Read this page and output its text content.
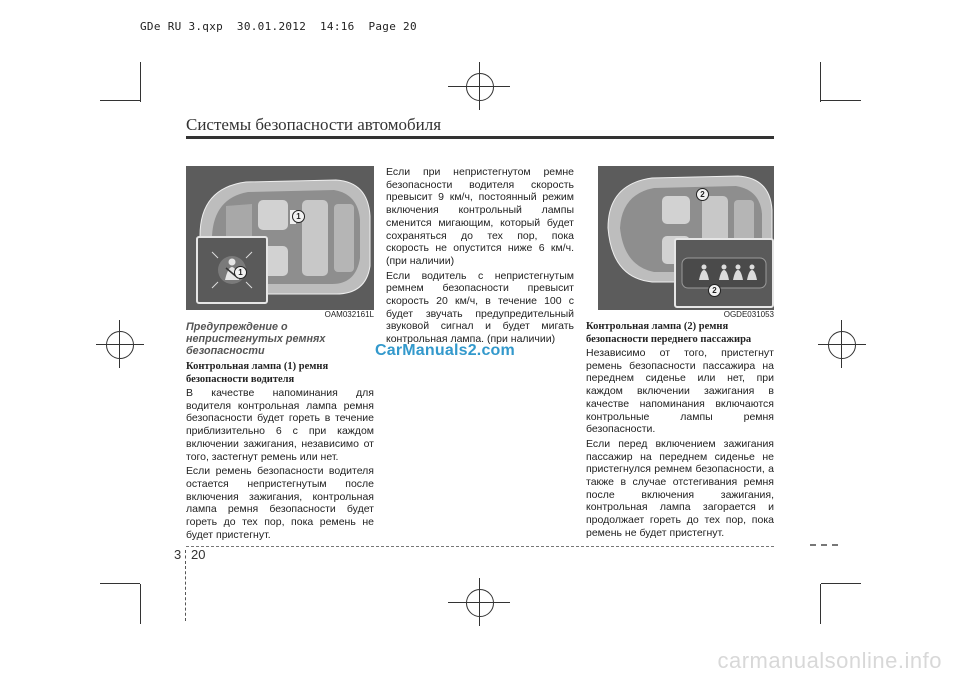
GDe RU 3.qxp  30.01.2012  14:16  Page 20
Системы безопасности автомобиля
1
1
OAM032161L
2
2
OGDE031053
Предупреждение о непристегнутых ремнях безопасности
Контрольная лампа (1) ремня безопасности водителя

В качестве напоминания для водителя контрольная лампа ремня безопасности будет гореть в течение приблизительно 6 с при каждом включении зажигания, независимо от того, застегнут ремень или нет.

Если ремень безопасности водителя остается непристегнутым после включения зажигания, контрольная лампа ремня безопасности будет гореть до тех пор, пока ремень не будет пристегнут.

Если при непристегнутом ремне безопасности водителя скорость превысит 9 км/ч, постоянный режим включения контрольный лампы сменится мигающим, который будет сохраняться до тех пор, пока скорость не опустится ниже 6 км/ч. (при наличии)

Если водитель с непристегнутым ремнем безопасности превысит скорость 20 км/ч, в течение 100 с будет звучать предупредительный звуковой сигнал и будет мигать контрольная лампа. (при наличии)

Контрольная лампа (2) ремня безопасности переднего пассажира

Независимо от того, пристегнут ремень безопасности пассажира на переднем сиденье или нет, при каждом включении зажигания в качестве напоминания включаются контрольные лампы ремня безопасности.

Если перед включением зажигания пассажир на переднем сиденье не пристегнулся ремнем безопасности, а также в случае отстегивания ремня после включения зажигания, контрольная лампа загорается и продолжает гореть до тех пор, пока ремень не будет пристегнут.

CarManuals2.com
3 20
carmanualsonline.info
